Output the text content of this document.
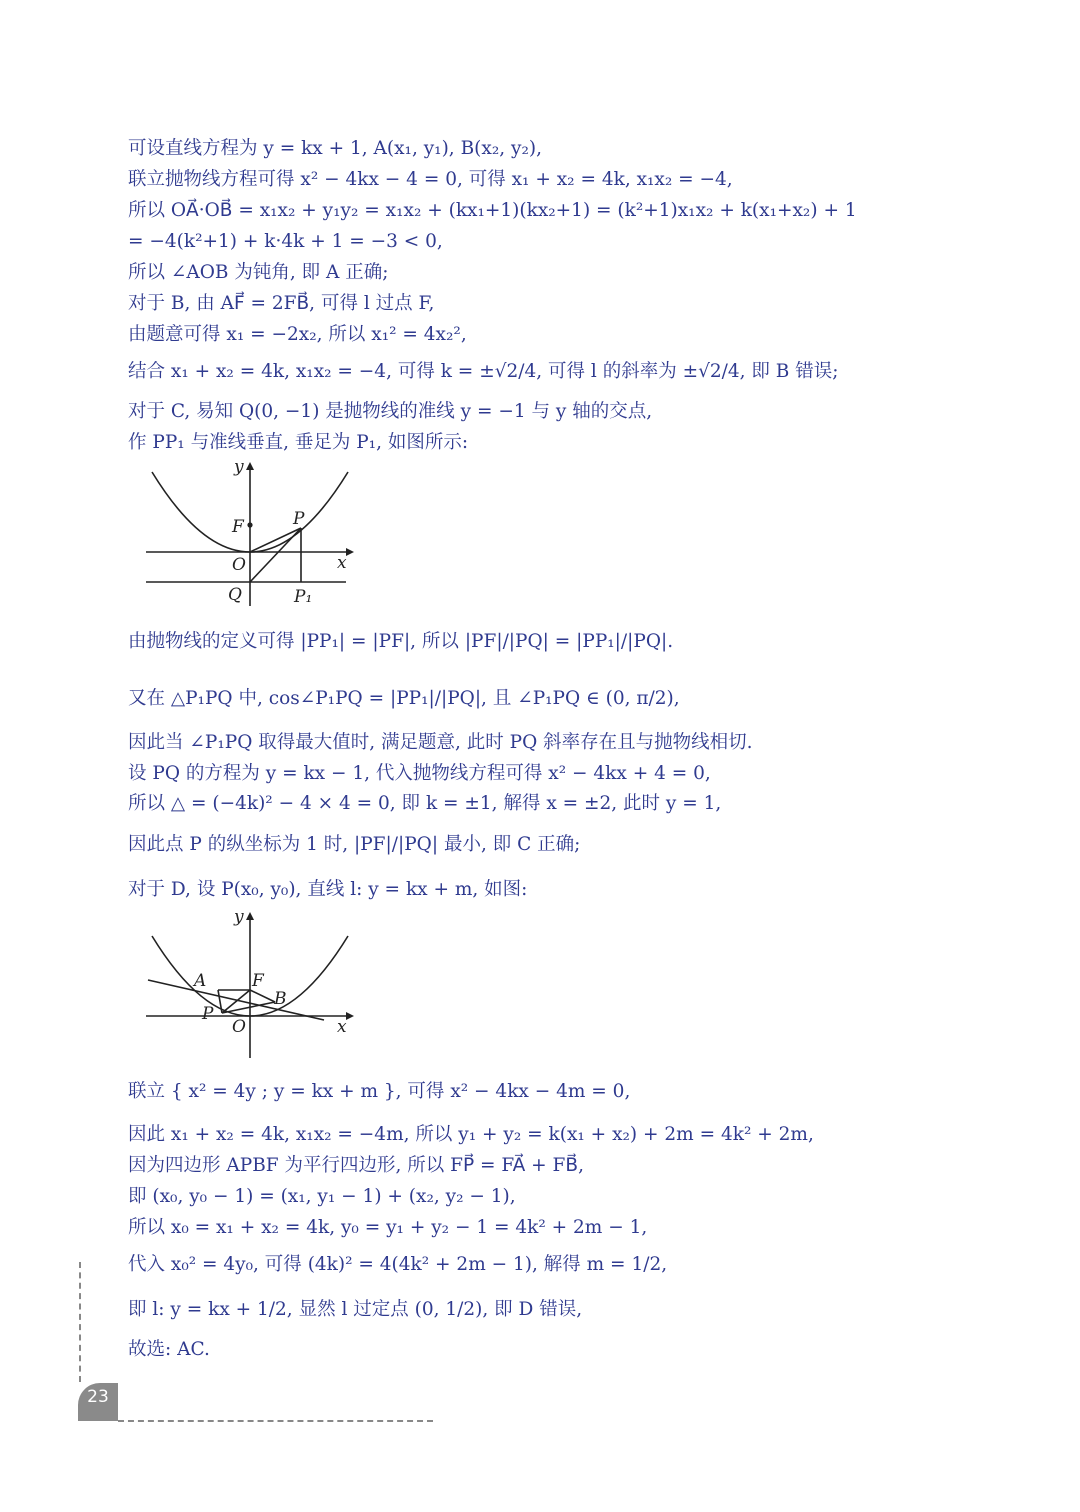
可设直线方程为 y = kx + 1, A(x₁, y₁), B(x₂, y₂),
联立抛物线方程可得 x² − 4kx − 4 = 0, 可得 x₁ + x₂ = 4k, x₁x₂ = −4,
所以 OA⃗·OB⃗ = x₁x₂ + y₁y₂ = x₁x₂ + (kx₁+1)(kx₂+1) = (k²+1)x₁x₂ + k(x₁+x₂) + 1
= −4(k²+1) + k·4k + 1 = −3 < 0,
所以 ∠AOB 为钝角, 即 A 正确;
对于 B, 由 AF⃗ = 2FB⃗, 可得 l 过点 F,
由题意可得 x₁ = −2x₂, 所以 x₁² = 4x₂²,
结合 x₁ + x₂ = 4k, x₁x₂ = −4, 可得 k = ±√2/4, 可得 l 的斜率为 ±√2/4, 即 B 错误;
对于 C, 易知 Q(0, −1) 是抛物线的准线 y = −1 与 y 轴的交点,
作 PP₁ 与准线垂直, 垂足为 P₁, 如图所示:
y
F	P
O	x
Q	P₁
由抛物线的定义可得 |PP₁| = |PF|, 所以 |PF|/|PQ| = |PP₁|/|PQ|.
又在 △P₁PQ 中, cos∠P₁PQ = |PP₁|/|PQ|, 且 ∠P₁PQ ∈ (0, π/2),
因此当 ∠P₁PQ 取得最大值时, 满足题意, 此时 PQ 斜率存在且与抛物线相切.
设 PQ 的方程为 y = kx − 1, 代入抛物线方程可得 x² − 4kx + 4 = 0,
所以 △ = (−4k)² − 4 × 4 = 0, 即 k = ±1, 解得 x = ±2, 此时 y = 1,
因此点 P 的纵坐标为 1 时, |PF|/|PQ| 最小, 即 C 正确;
对于 D, 设 P(x₀, y₀), 直线 l: y = kx + m, 如图:
y
A	F
B
P
O	x
联立 { x² = 4y ; y = kx + m }, 可得 x² − 4kx − 4m = 0,
因此 x₁ + x₂ = 4k, x₁x₂ = −4m, 所以 y₁ + y₂ = k(x₁ + x₂) + 2m = 4k² + 2m,
因为四边形 APBF 为平行四边形, 所以 FP⃗ = FA⃗ + FB⃗,
即 (x₀, y₀ − 1) = (x₁, y₁ − 1) + (x₂, y₂ − 1),
所以 x₀ = x₁ + x₂ = 4k, y₀ = y₁ + y₂ − 1 = 4k² + 2m − 1,
代入 x₀² = 4y₀, 可得 (4k)² = 4(4k² + 2m − 1), 解得 m = 1/2,
即 l: y = kx + 1/2, 显然 l 过定点 (0, 1/2), 即 D 错误,
故选: AC.
23
